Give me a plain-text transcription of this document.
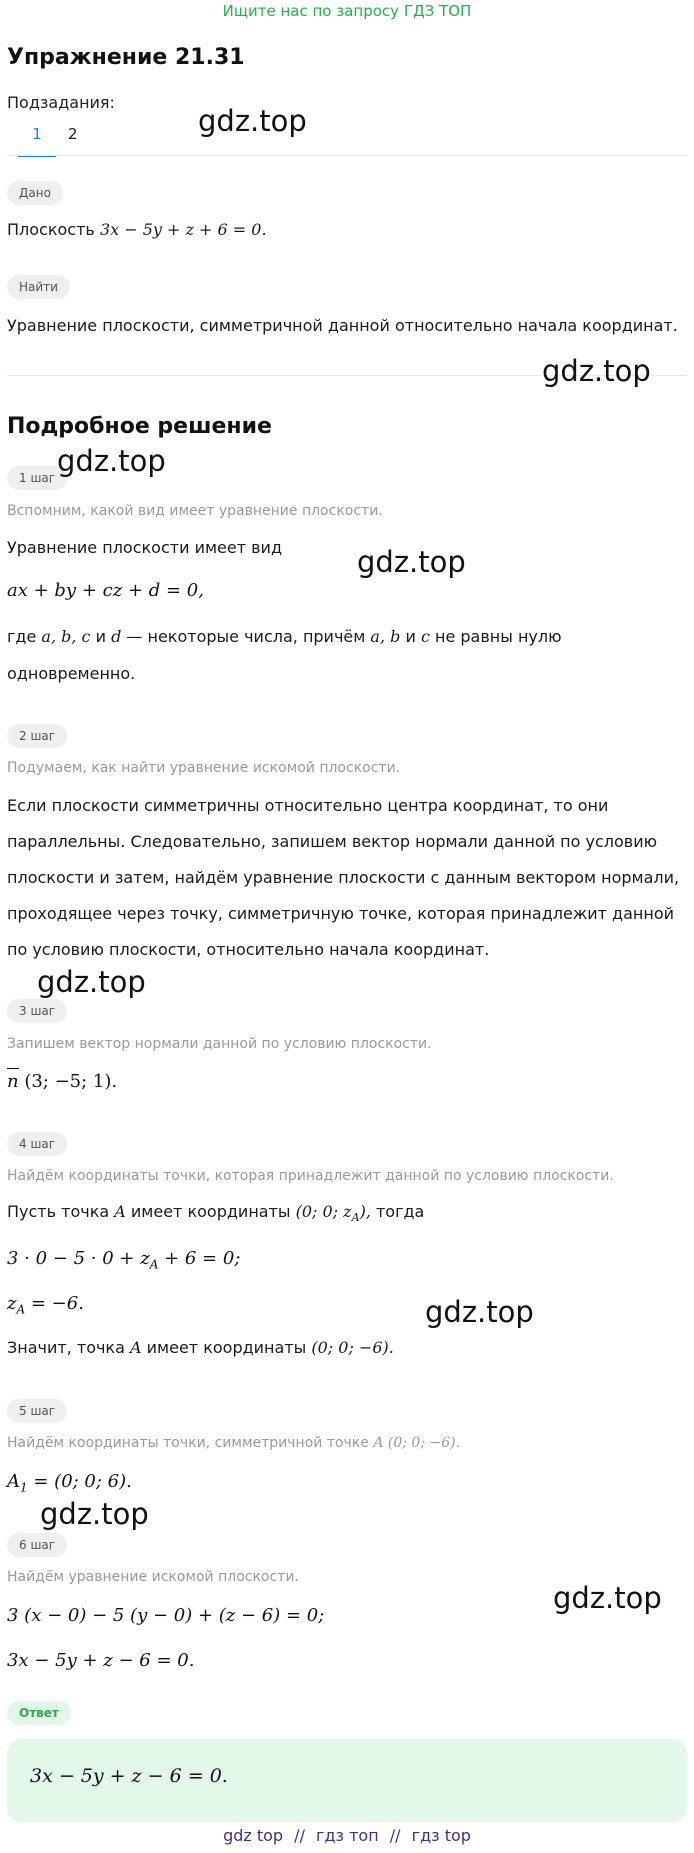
Ищите нас по запросу ГДЗ ТОП
Упражнение 21.31
Подзадания:
1	2	gdz.top
Дано
Плоскость 3x − 5y + z + 6 = 0.
Найти
Уравнение плоскости, симметричной данной относительно начала координат.
gdz.top
Подробное решение
1 шаг gdz.top
Вспомним, какой вид имеет уравнение плоскости.
Уравнение плоскости имеет вид	gdz.top
ax + by + cz + d = 0,
где a, b, c и d — некоторые числа, причём a, b и c не равны нулю
одновременно.
2 шаг
Подумаем, как найти уравнение искомой плоскости.
Если плоскости симметричны относительно центра координат, то они
параллельны. Следовательно, запишем вектор нормали данной по условию
плоскости и затем, найдём уравнение плоскости с данным вектором нормали,
проходящее через точку, симметричную точке, которая принадлежит данной
по условию плоскости, относительно начала координат.
gdz.top
3 шаг
Запишем вектор нормали данной по условию плоскости.
n (3; −5; 1).
4 шаг
Найдём координаты точки, которая принадлежит данной по условию плоскости.
Пусть точка A имеет координаты (0; 0; $z_A$), тогда
$3 \cdot 0 - 5 \cdot 0 + z_A + 6 = 0$;
$z_A = -6$.	gdz.top
Значит, точка A имеет координаты (0; 0; −6).
5 шаг
Найдём координаты точки, симметричной точке A (0; 0; −6).
$A_1 = (0$; 0; 6).
gdz.top
6 шаг
Найдём уравнение искомой плоскости.
gdz.top
3 (x − 0) − 5 (y − 0) + (z − 6) = 0;
3x − 5y + z − 6 = 0.
Ответ
3x − 5y + z − 6 = 0.
gdz top // гдз топ // гдз top
